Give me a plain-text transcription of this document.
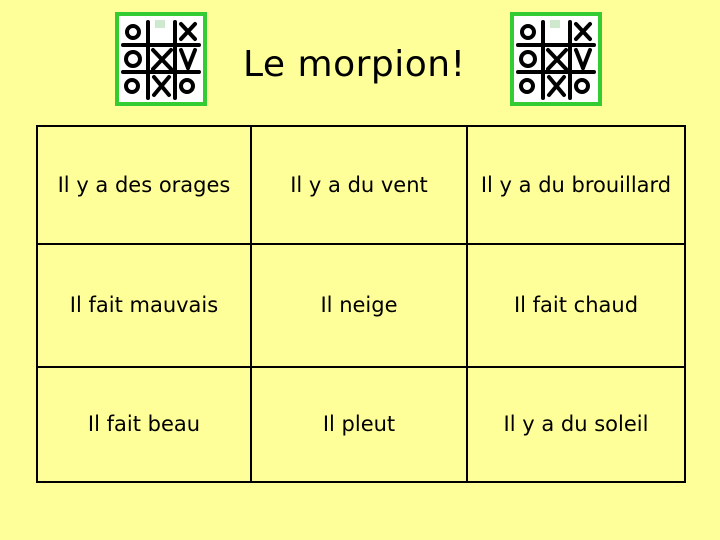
Le morpion!
Il y a des orages	Il y a du vent	Il y a du brouillard
Il fait mauvais	Il neige	Il fait chaud
Il fait beau	Il pleut	Il y a du soleil
